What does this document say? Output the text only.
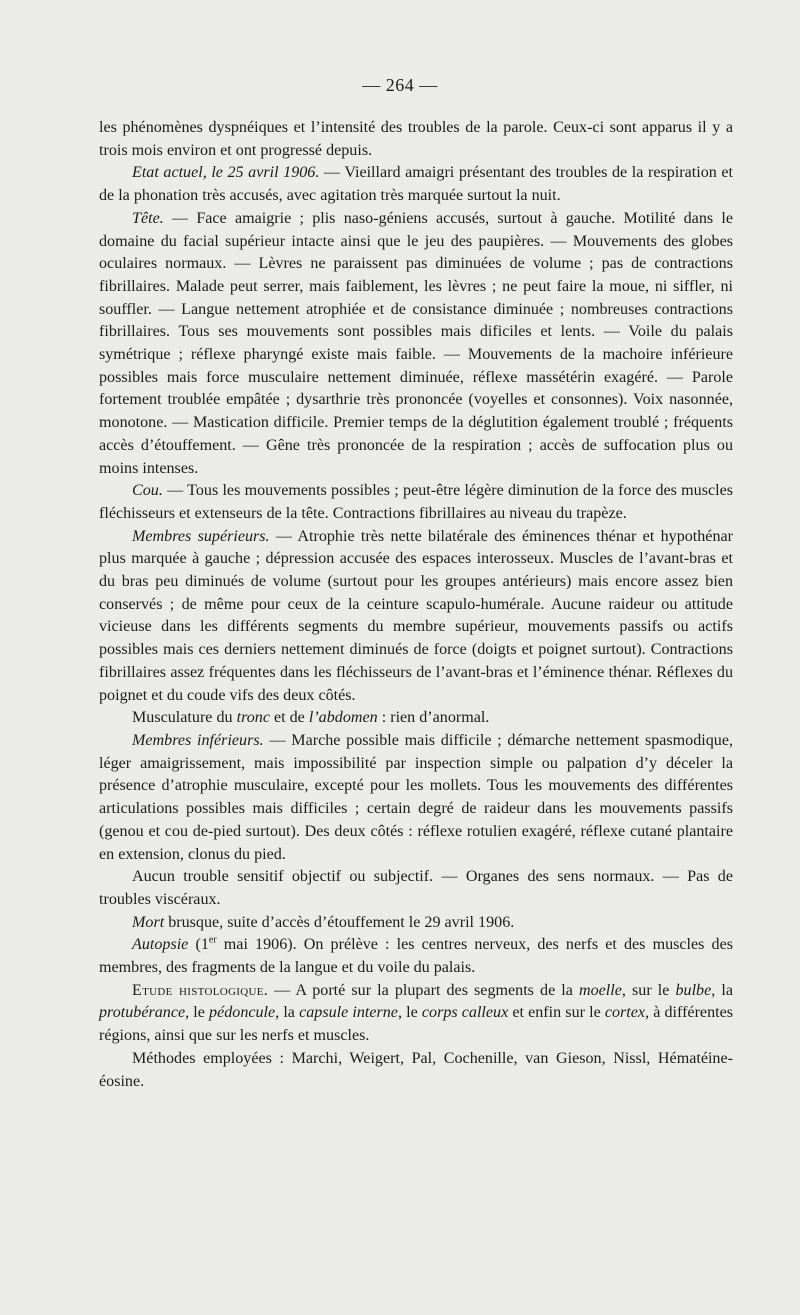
— 264 —

les phénomènes dyspnéiques et l’intensité des troubles de la parole. Ceux-ci sont apparus il y a trois mois environ et ont progressé depuis.

Etat actuel, le 25 avril 1906. — Vieillard amaigri présentant des troubles de la respiration et de la phonation très accusés, avec agitation très marquée surtout la nuit.

Tête. — Face amaigrie ; plis naso-géniens accusés, surtout à gauche. Motilité dans le domaine du facial supérieur intacte ainsi que le jeu des paupières. — Mouvements des globes oculaires normaux. — Lèvres ne paraissent pas diminuées de volume ; pas de contractions fibrillaires. Malade peut serrer, mais faiblement, les lèvres ; ne peut faire la moue, ni siffler, ni souffler. — Langue nettement atrophiée et de consistance diminuée ; nombreuses contractions fibrillaires. Tous ses mouvements sont possibles mais dificiles et lents. — Voile du palais symétrique ; réflexe pharyngé existe mais faible. — Mouvements de la machoire inférieure possibles mais force musculaire nettement diminuée, réflexe massétérin exagéré. — Parole fortement troublée empâtée ; dysarthrie très prononcée (voyelles et consonnes). Voix nasonnée, monotone. — Mastication difficile. Premier temps de la déglutition également troublé ; fréquents accès d’étouffement. — Gêne très prononcée de la respiration ; accès de suffocation plus ou moins intenses.

Cou. — Tous les mouvements possibles ; peut-être légère diminution de la force des muscles fléchisseurs et extenseurs de la tête. Contractions fibrillaires au niveau du trapèze.

Membres supérieurs. — Atrophie très nette bilatérale des éminences thénar et hypothénar plus marquée à gauche ; dépression accusée des espaces interosseux. Muscles de l’avant-bras et du bras peu diminués de volume (surtout pour les groupes antérieurs) mais encore assez bien conservés ; de même pour ceux de la ceinture scapulo-humérale. Aucune raideur ou attitude vicieuse dans les différents segments du membre supérieur, mouvements passifs ou actifs possibles mais ces derniers nettement diminués de force (doigts et poignet surtout). Contractions fibrillaires assez fréquentes dans les fléchisseurs de l’avant-bras et l’éminence thénar. Réflexes du poignet et du coude vifs des deux côtés.

Musculature du tronc et de l’abdomen : rien d’anormal.

Membres inférieurs. — Marche possible mais difficile ; démarche nettement spasmodique, léger amaigrissement, mais impossibilité par inspection simple ou palpation d’y déceler la présence d’atrophie musculaire, excepté pour les mollets. Tous les mouvements des différentes articulations possibles mais difficiles ; certain degré de raideur dans les mouvements passifs (genou et cou de-pied surtout). Des deux côtés : réflexe rotulien exagéré, réflexe cutané plantaire en extension, clonus du pied.

Aucun trouble sensitif objectif ou subjectif. — Organes des sens normaux. — Pas de troubles viscéraux.

Mort brusque, suite d’accès d’étouffement le 29 avril 1906.

Autopsie (1er mai 1906). On prélève : les centres nerveux, des nerfs et des muscles des membres, des fragments de la langue et du voile du palais.

Etude histologique. — A porté sur la plupart des segments de la moelle, sur le bulbe, la protubérance, le pédoncule, la capsule interne, le corps calleux et enfin sur le cortex, à différentes régions, ainsi que sur les nerfs et muscles.

Méthodes employées : Marchi, Weigert, Pal, Cochenille, van Gieson, Nissl, Hématéine-éosine.
